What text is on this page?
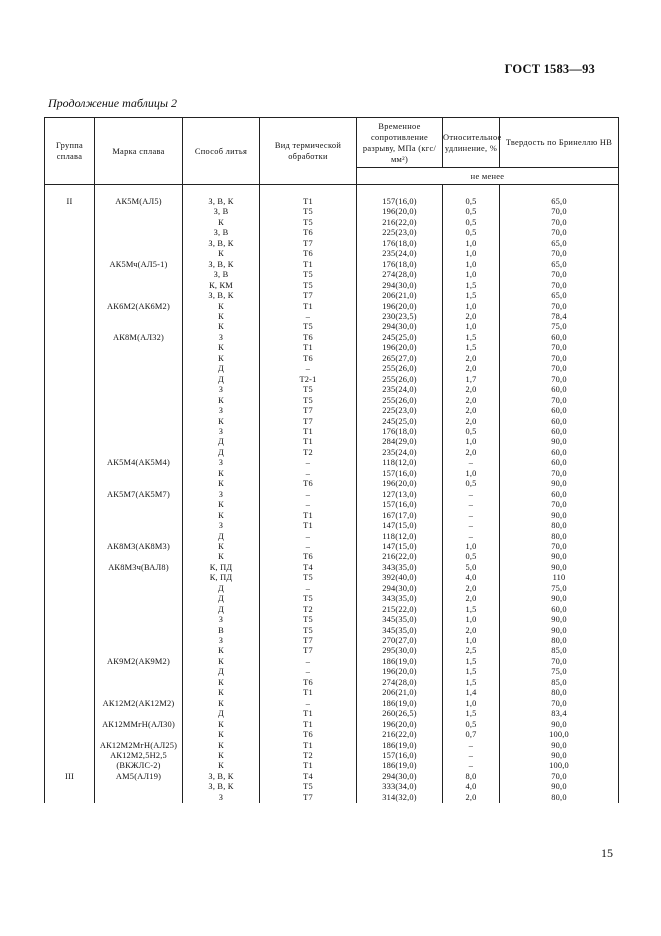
ГОСТ 1583—93
Продолжение таблицы 2
Группа сплава	Марка сплава	Способ литья	Вид термической обработки	Временное сопротивление разрыву, МПа (кгс/мм²)	Относительное удлинение, %	Твердость по Бринеллю НВ
				не менее		
II	АК5М(АЛ5)	З, В, К	Т1	157(16,0)	0,5	65,0
		З, В	Т5	196(20,0)	0,5	70,0
		К	Т5	216(22,0)	0,5	70,0
		З, В	Т6	225(23,0)	0,5	70,0
		З, В, К	Т7	176(18,0)	1,0	65,0
		К	Т6	235(24,0)	1,0	70,0
	АК5Мч(АЛ5-1)	З, В, К	Т1	176(18,0)	1,0	65,0
		З, В	Т5	274(28,0)	1,0	70,0
		К, КМ	Т5	294(30,0)	1,5	70,0
		З, В, К	Т7	206(21,0)	1,5	65,0
	АК6М2(АК6М2)	К	Т1	196(20,0)	1,0	70,0
		К	–	230(23,5)	2,0	78,4
		К	Т5	294(30,0)	1,0	75,0
	АК8М(АЛ32)	З	Т6	245(25,0)	1,5	60,0
		К	Т1	196(20,0)	1,5	70,0
		К	Т6	265(27,0)	2,0	70,0
		Д	–	255(26,0)	2,0	70,0
		Д	Т2-1	255(26,0)	1,7	70,0
		З	Т5	235(24,0)	2,0	60,0
		К	Т5	255(26,0)	2,0	70,0
		З	Т7	225(23,0)	2,0	60,0
		К	Т7	245(25,0)	2,0	60,0
		З	Т1	176(18,0)	0,5	60,0
		Д	Т1	284(29,0)	1,0	90,0
		Д	Т2	235(24,0)	2,0	60,0
	АК5М4(АК5М4)	З	–	118(12,0)	–	60,0
		К	–	157(16,0)	1,0	70,0
		К	Т6	196(20,0)	0,5	90,0
	АК5М7(АК5М7)	З	–	127(13,0)	–	60,0
		К	–	157(16,0)	–	70,0
		К	Т1	167(17,0)	–	90,0
		З	Т1	147(15,0)	–	80,0
		Д	–	118(12,0)	–	80,0
	АК8М3(АК8М3)	К	–	147(15,0)	1,0	70,0
		К	Т6	216(22,0)	0,5	90,0
	АК8М3ч(ВАЛ8)	К, ПД	Т4	343(35,0)	5,0	90,0
		К, ПД	Т5	392(40,0)	4,0	110
		Д	–	294(30,0)	2,0	75,0
		Д	Т5	343(35,0)	2,0	90,0
		Д	Т2	215(22,0)	1,5	60,0
		З	Т5	345(35,0)	1,0	90,0
		В	Т5	345(35,0)	2,0	90,0
		З	Т7	270(27,0)	1,0	80,0
		К	Т7	295(30,0)	2,5	85,0
	АК9М2(АК9М2)	К	–	186(19,0)	1,5	70,0
		Д	–	196(20,0)	1,5	75,0
		К	Т6	274(28,0)	1,5	85,0
		К	Т1	206(21,0)	1,4	80,0
	АК12М2(АК12М2)	К	–	186(19,0)	1,0	70,0
		Д	Т1	260(26,5)	1,5	83,4
	АК12ММгН(АЛ30)	К	Т1	196(20,0)	0,5	90,0
		К	Т6	216(22,0)	0,7	100,0
	АК12М2МгН(АЛ25)	К	Т1	186(19,0)	–	90,0
	АК12М2,5Н2,5	К	Т2	157(16,0)	–	90,0
	(ВКЖЛС-2)	К	Т1	186(19,0)	–	100,0
III	АМ5(АЛ19)	З, В, К	Т4	294(30,0)	8,0	70,0
		З, В, К	Т5	333(34,0)	4,0	90,0
		З	Т7	314(32,0)	2,0	80,0
15
